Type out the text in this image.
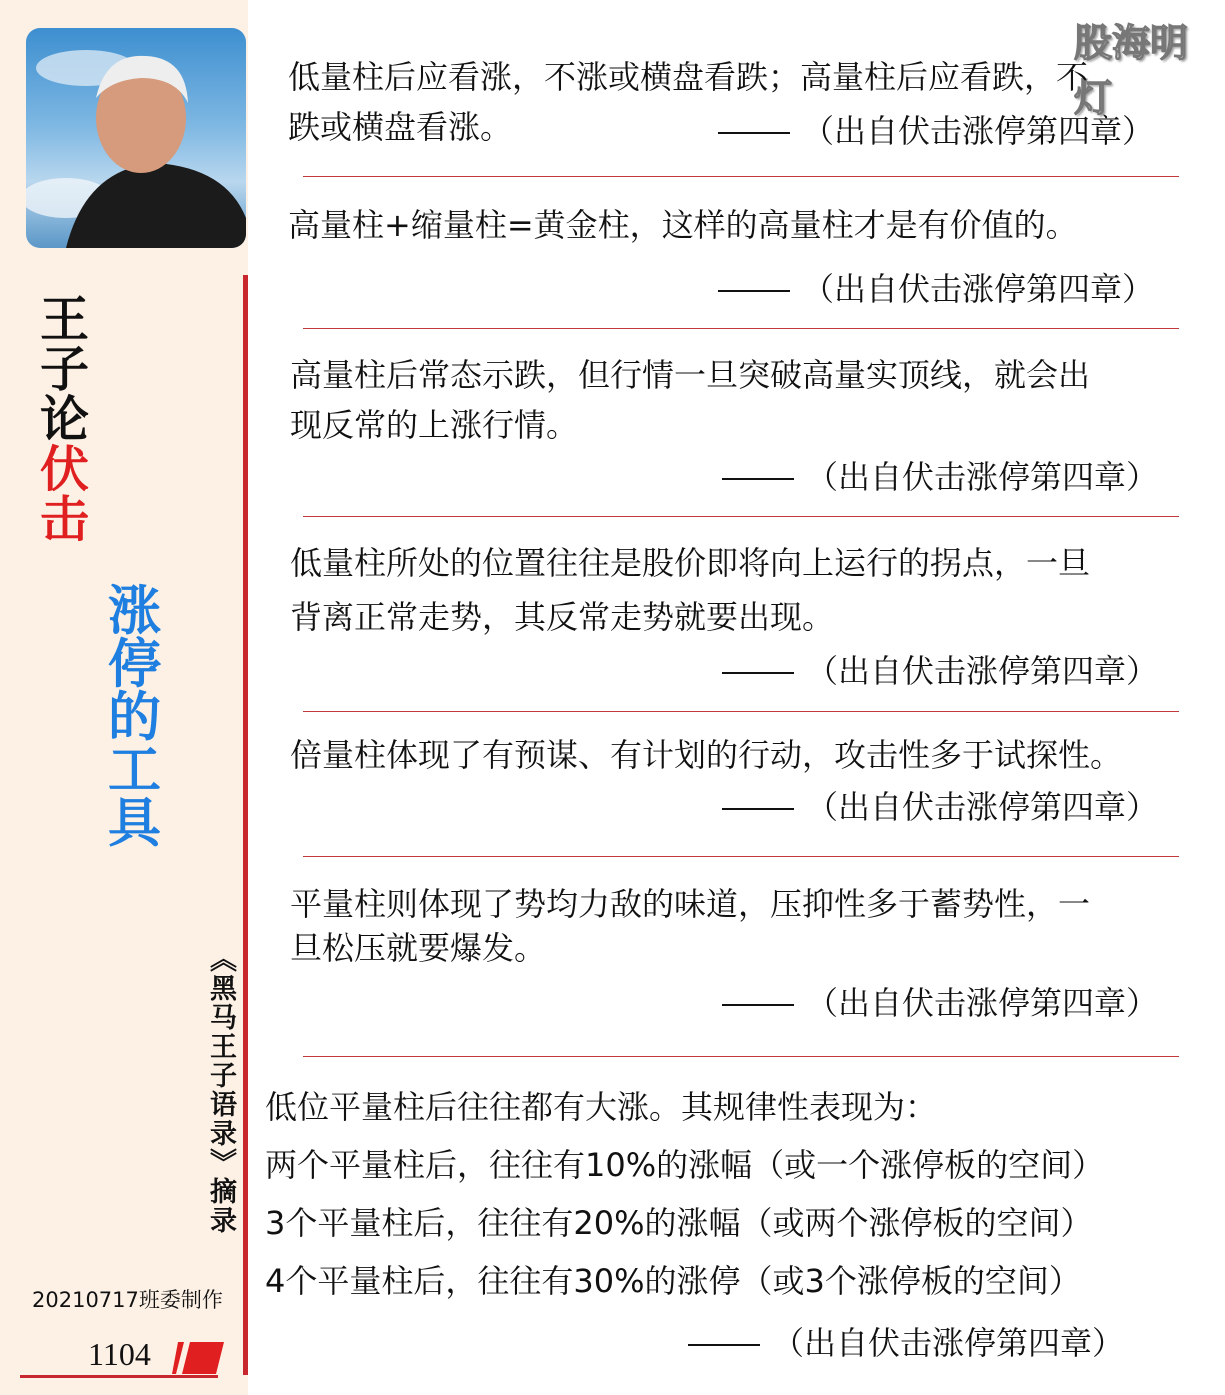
王
子
论
伏
击
涨
停
的
工
具
《黑马王子语录》摘录
20210717班委制作
1104
股海明灯
低量柱后应看涨，不涨或横盘看跌；高量柱后应看跌，不
跌或横盘看涨。	（出自伏击涨停第四章）
高量柱+缩量柱=黄金柱，这样的高量柱才是有价值的。
（出自伏击涨停第四章）
高量柱后常态示跌，但行情一旦突破高量实顶线，就会出
现反常的上涨行情。
（出自伏击涨停第四章）
低量柱所处的位置往往是股价即将向上运行的拐点，一旦
背离正常走势，其反常走势就要出现。
（出自伏击涨停第四章）
倍量柱体现了有预谋、有计划的行动，攻击性多于试探性。
（出自伏击涨停第四章）
平量柱则体现了势均力敌的味道，压抑性多于蓄势性，一
旦松压就要爆发。
（出自伏击涨停第四章）
低位平量柱后往往都有大涨。其规律性表现为：
两个平量柱后，往往有10%的涨幅（或一个涨停板的空间）
3个平量柱后，往往有20%的涨幅（或两个涨停板的空间）
4个平量柱后，往往有30%的涨停（或3个涨停板的空间）
（出自伏击涨停第四章）
